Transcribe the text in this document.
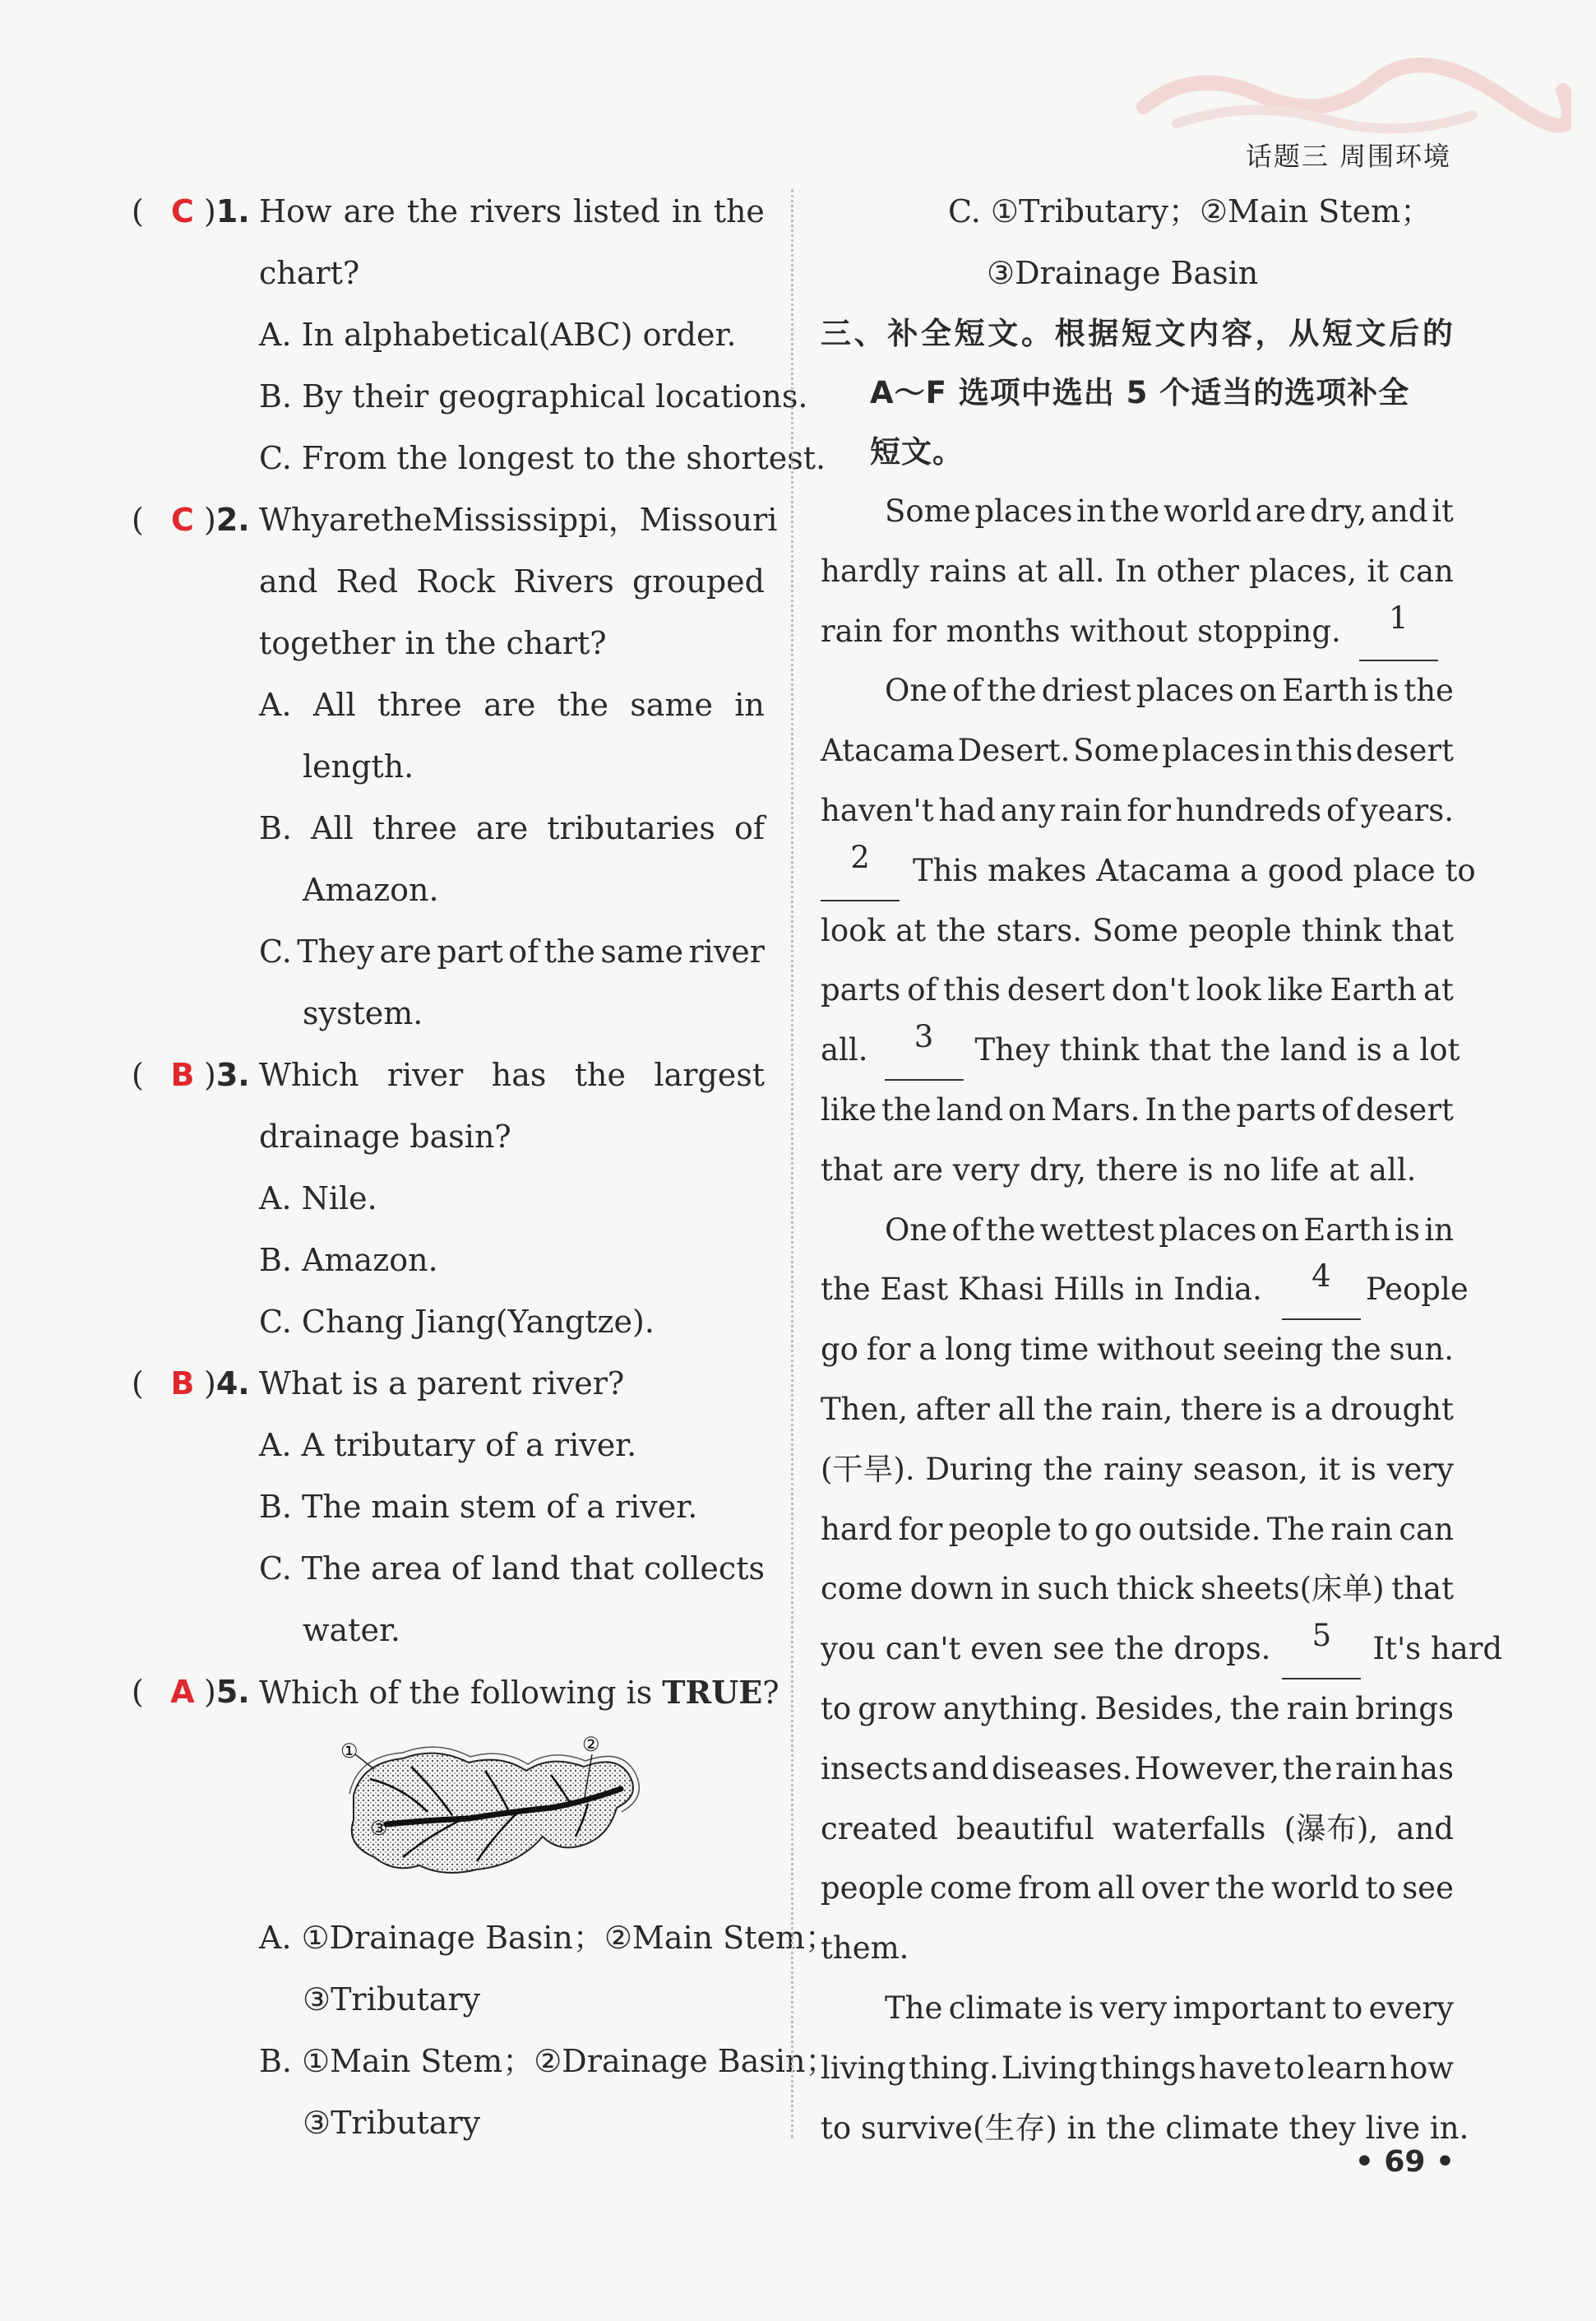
话题三 周围环境
( C )1. How are the rivers listed in the
chart?
A. In alphabetical(ABC) order.
B. By their geographical locations.
C. From the longest to the shortest.
( C )2. Why are the Mississippi，Missouri
and Red Rock Rivers grouped
together in the chart?
A. All three are the same in
length.
B. All three are tributaries of
Amazon.
C. They are part of the same river
system.
( B )3. Which river has the largest
drainage basin?
A. Nile.
B. Amazon.
C. Chang Jiang(Yangtze).
( B )4. What is a parent river?
A. A tributary of a river.
B. The main stem of a river.
C. The area of land that collects
water.
( A )5. Which of the following is TRUE?
①	②
③
A. ①Drainage Basin；②Main Stem；
③Tributary
B. ①Main Stem；②Drainage Basin；
③Tributary
C. ①Tributary；②Main Stem；
③Drainage Basin
三 、 补 全 短 文 。 根 据 短 文 内 容 ， 从 短 文 后 的
A～F 选项中选出 5 个适当的选项补全
短文。
Some places in the world are dry, and it
hardly rains at all. In other places, it can
rain for months without stopping.	1
One of the driest places on Earth is the
Atacama Desert. Some places in this desert
haven't had any rain for hundreds of years.
2	This makes Atacama a good place to
look at the stars. Some people think that
parts of this desert don't look like Earth at
all.	3	They think that the land is a lot
like the land on Mars. In the parts of desert
that are very dry, there is no life at all.
One of the wettest places on Earth is in
the East Khasi Hills in India.	4	People
go for a long time without seeing the sun.
Then, after all the rain, there is a drought
(干旱). During the rainy season, it is very
hard for people to go outside. The rain can
come down in such thick sheets(床单) that
you can't even see the drops.	5	It's hard
to grow anything. Besides, the rain brings
insects and diseases. However, the rain has
created beautiful waterfalls (瀑布), and
people come from all over the world to see
them.
The climate is very important to every
living thing. Living things have to learn how
to survive(生存) in the climate they live in.
• 69 •
